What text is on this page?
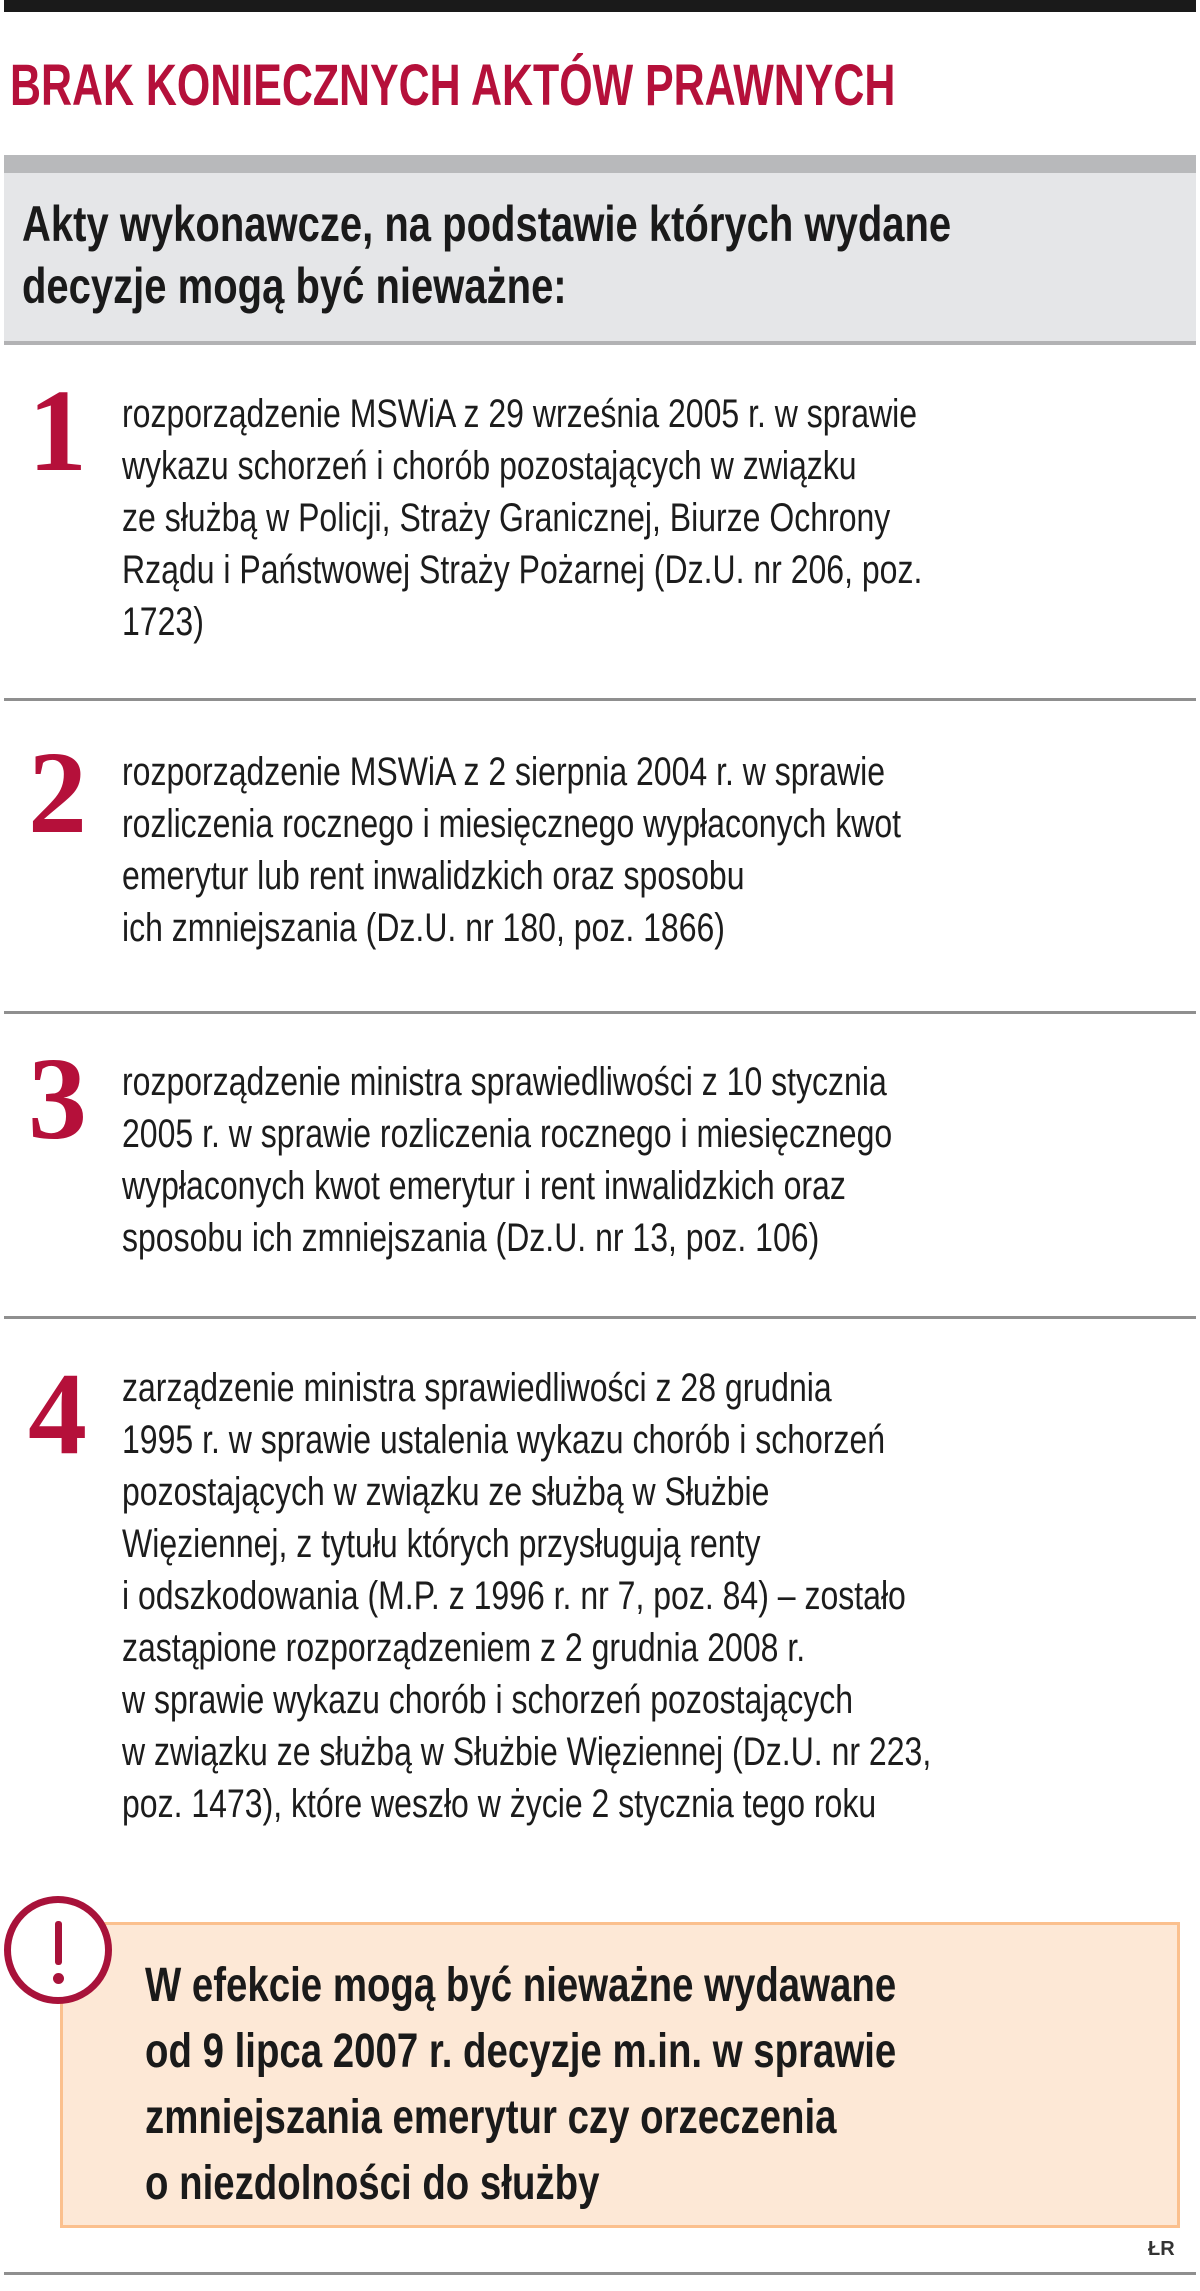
BRAK KONIECZNYCH AKTÓW PRAWNYCH
Akty wykonawcze, na podstawie których wydane
decyzje mogą być nieważne:
1 rozporządzenie MSWiA z 29 września 2005 r. w sprawie
wykazu schorzeń i chorób pozostających w związku
ze służbą w Policji, Straży Granicznej, Biurze Ochrony
Rządu i Państwowej Straży Pożarnej (Dz.U. nr 206, poz.
1723)
2 rozporządzenie MSWiA z 2 sierpnia 2004 r. w sprawie
rozliczenia rocznego i miesięcznego wypłaconych kwot
emerytur lub rent inwalidzkich oraz sposobu
ich zmniejszania (Dz.U. nr 180, poz. 1866)
3 rozporządzenie ministra sprawiedliwości z 10 stycznia
2005 r. w sprawie rozliczenia rocznego i miesięcznego
wypłaconych kwot emerytur i rent inwalidzkich oraz
sposobu ich zmniejszania (Dz.U. nr 13, poz. 106)
4 zarządzenie ministra sprawiedliwości z 28 grudnia
1995 r. w sprawie ustalenia wykazu chorób i schorzeń
pozostających w związku ze służbą w Służbie
Więziennej, z tytułu których przysługują renty
i odszkodowania (M.P. z 1996 r. nr 7, poz. 84) – zostało
zastąpione rozporządzeniem z 2 grudnia 2008 r.
w sprawie wykazu chorób i schorzeń pozostających
w związku ze służbą w Służbie Więziennej (Dz.U. nr 223,
poz. 1473), które weszło w życie 2 stycznia tego roku
W efekcie mogą być nieważne wydawane
od 9 lipca 2007 r. decyzje m.in. w sprawie
zmniejszania emerytur czy orzeczenia
o niezdolności do służby
ŁR
